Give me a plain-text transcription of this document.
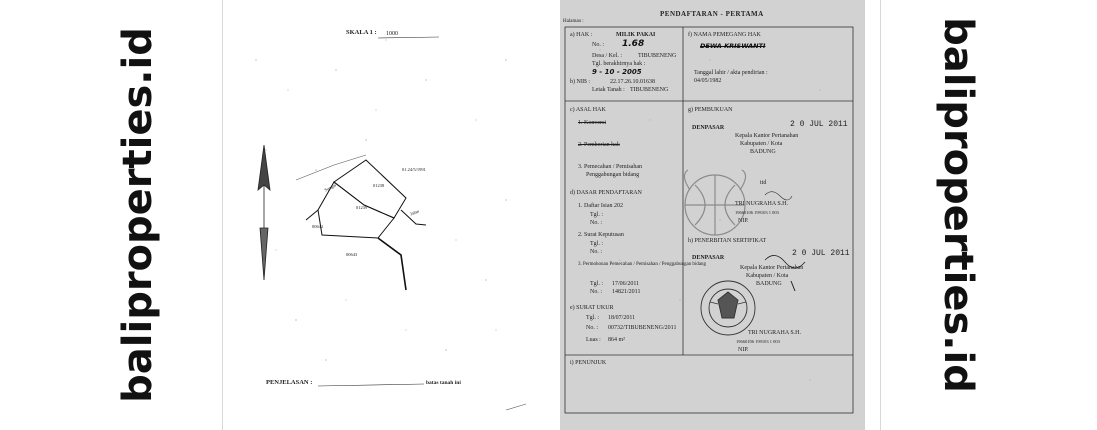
baliproperties.id	baliproperties.id
SKALA 1 : 1000
01239
01238
00642
00643
01.24/5/1991
Sungai
Jalan
PENJELASAN :	batas tanah ini
PENDAFTARAN - PERTAMA
Halaman :
a) HAK :	MILIK PAKAI
No. : 1.68
Desa / Kel. :	TIBUBENENG
Tgl. berakhirnya hak :
9 - 10 - 2005
b) NIB :	22.17.26.10.01638
Letak Tanah : TIBUBENENG
f) NAMA PEMEGANG HAK
DEWA KRISWANTI
Tanggal lahir / akta pendirian :
04/05/1982
c) ASAL HAK
1. Konversi
2. Pemberian hak
3. Pemecahan / Pemisahan
Penggabungan bidang
d) DASAR PENDAFTARAN
1. Daftar Isian 202
Tgl. :
No. :
2. Surat Keputusan
Tgl. :
No. :
3. Permohonan Pemecahan / Pemisahan / Penggabungan bidang
Tgl. : 17/06/2011
No. : 14821/2011
e) SURAT UKUR
Tgl. : 18/07/2011
No. : 00732/TIBUBENENG/2011
Luas : 864 m²
g) PEMBUKUAN
DENPASAR	2 0 JUL 2011
Kepala Kantor Pertanahan
Kabupaten / Kota
BADUNG
ttd
TRI NUGRAHA S.H.
19660106 199103 1 003
NIP.
h) PENERBITAN SERTIFIKAT
DENPASAR	2 0 JUL 2011
Kepala Kantor Pertanahan
Kabupaten / Kota
BADUNG
TRI NUGRAHA S.H.
19660106 199103 1 003
NIP.
i) PENUNJUK
